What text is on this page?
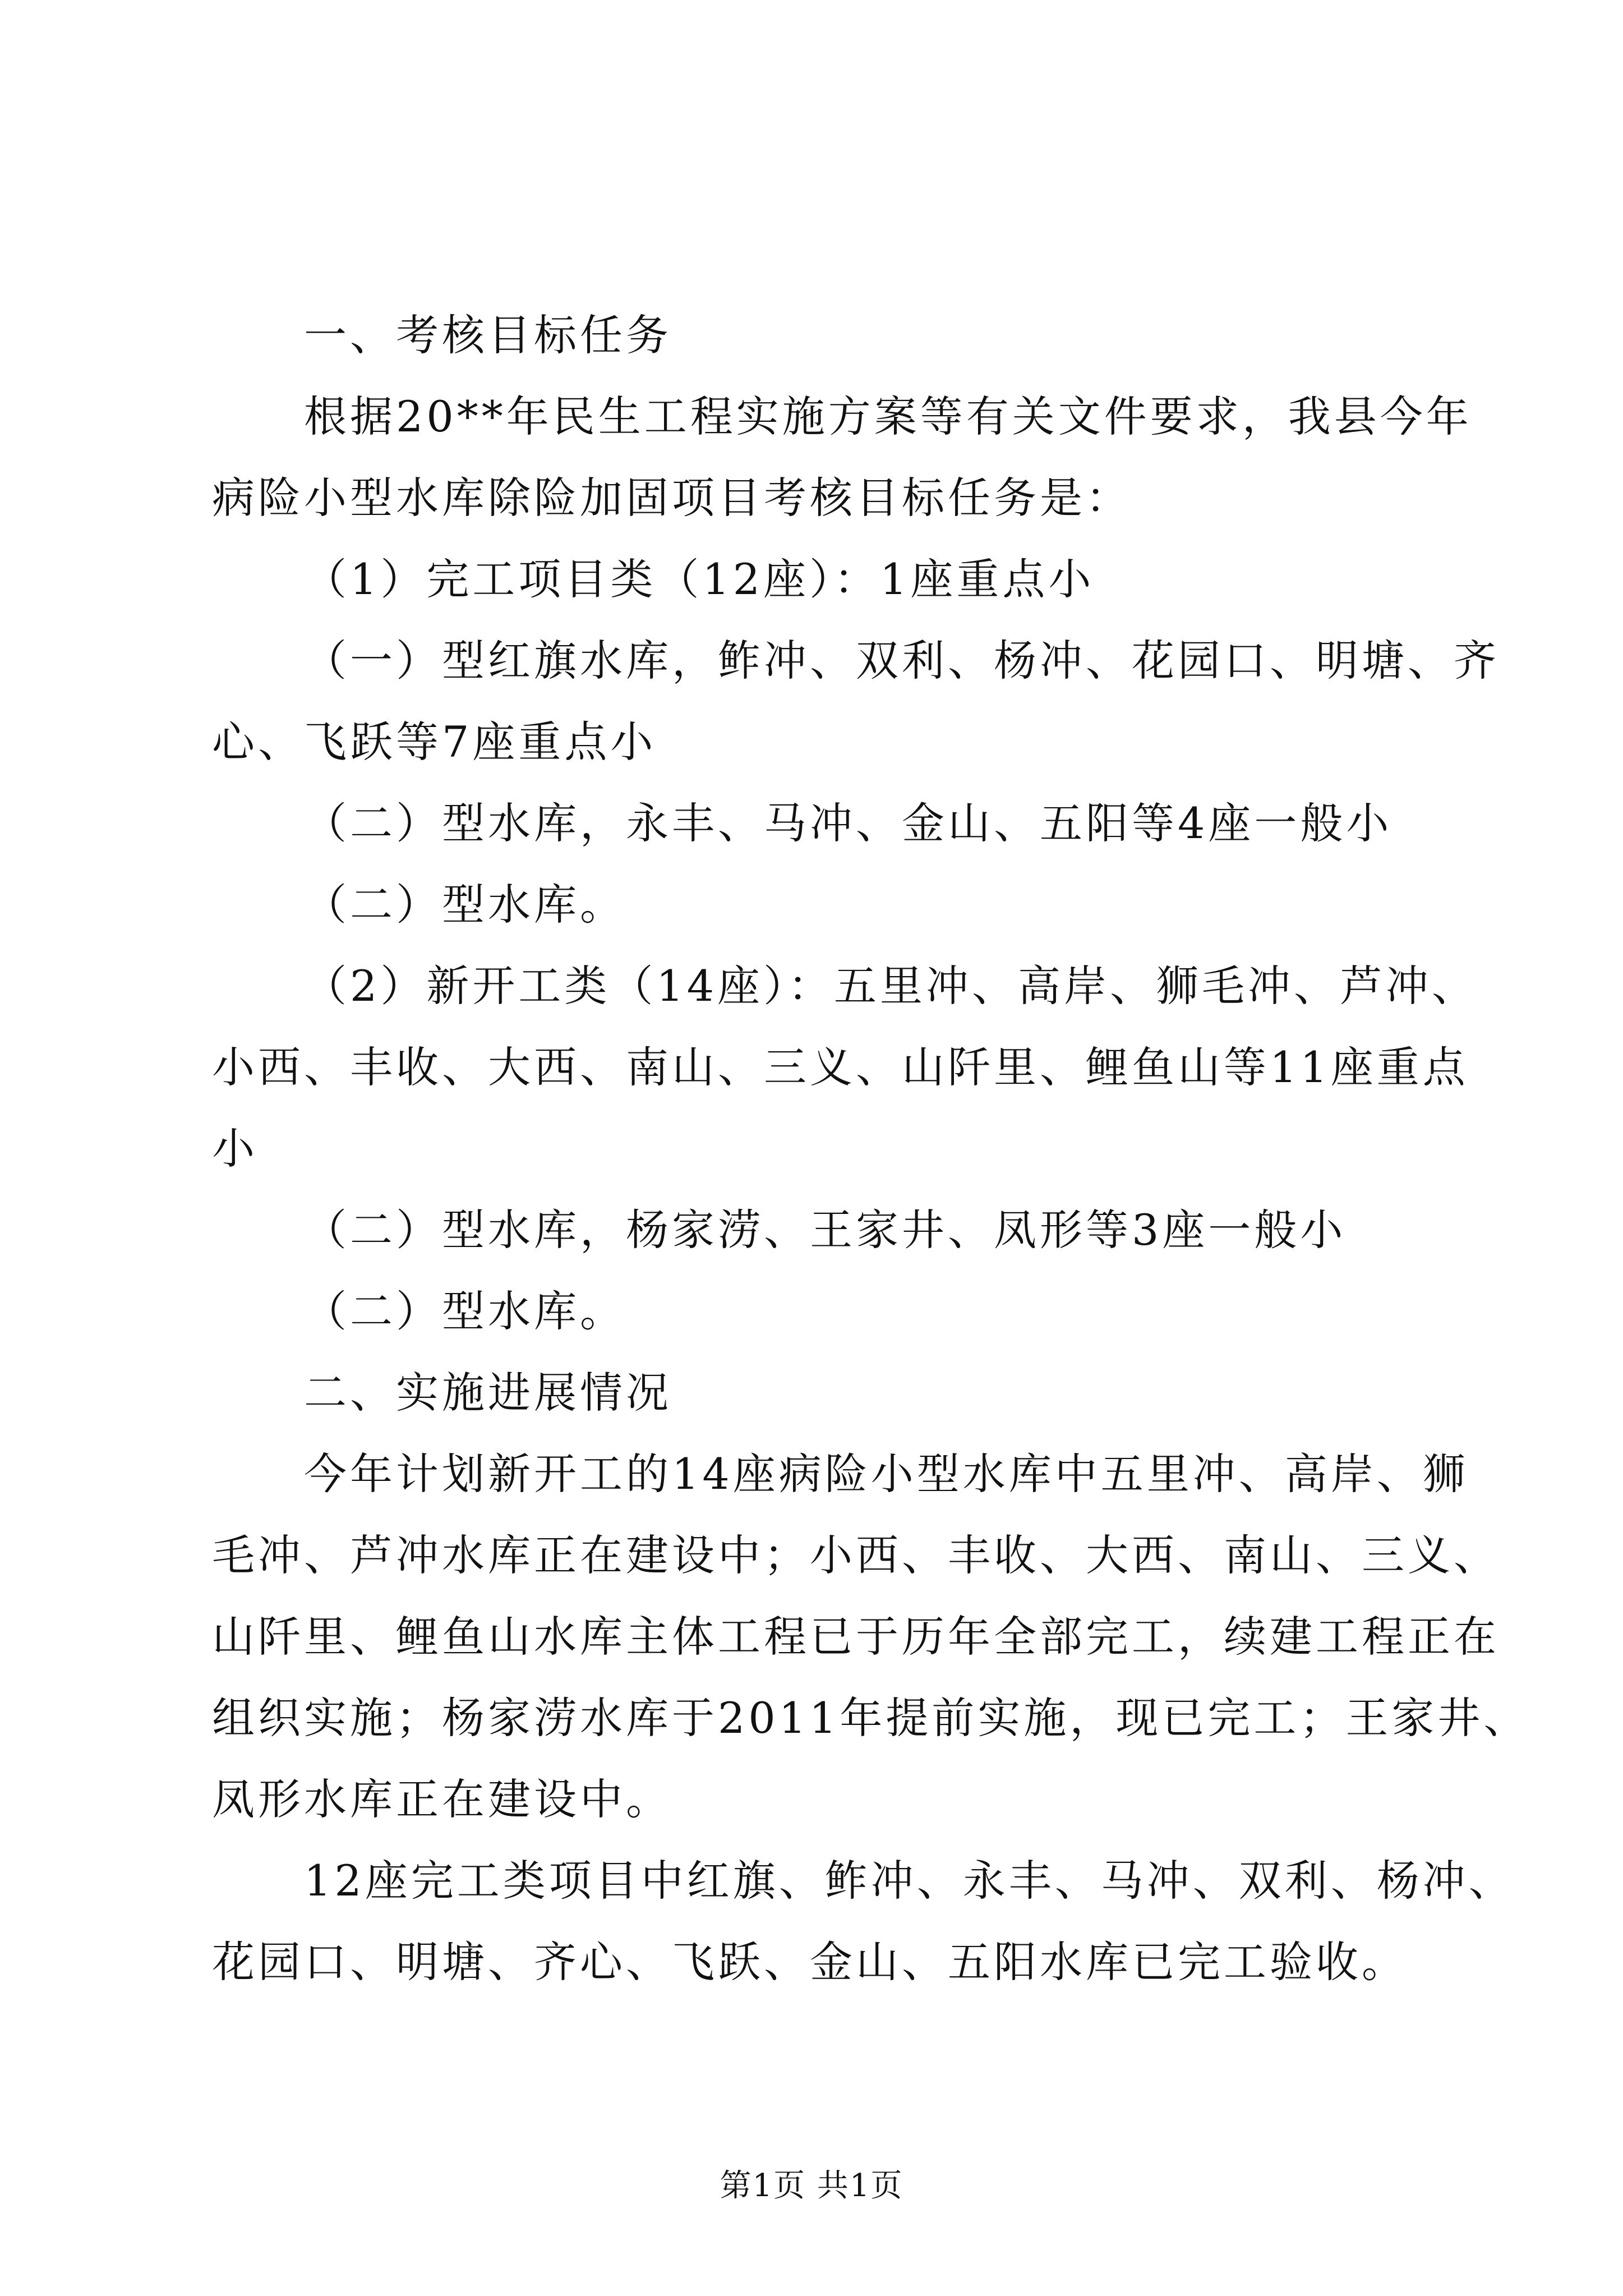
一、考核目标任务
根据20**年民生工程实施方案等有关文件要求，我县今年
病险小型水库除险加固项目考核目标任务是：
（1）完工项目类（12座）：1座重点小
（一）型红旗水库，鲊冲、双利、杨冲、花园口、明塘、齐
心、飞跃等7座重点小
（二）型水库，永丰、马冲、金山、五阳等4座一般小
（二）型水库。
（2）新开工类（14座）：五里冲、高岸、狮毛冲、芦冲、
小西、丰收、大西、南山、三义、山阡里、鲤鱼山等11座重点
小
（二）型水库，杨家涝、王家井、凤形等3座一般小
（二）型水库。
二、实施进展情况
今年计划新开工的14座病险小型水库中五里冲、高岸、狮
毛冲、芦冲水库正在建设中；小西、丰收、大西、南山、三义、
山阡里、鲤鱼山水库主体工程已于历年全部完工，续建工程正在
组织实施；杨家涝水库于2011年提前实施，现已完工；王家井、
凤形水库正在建设中。
12座完工类项目中红旗、鲊冲、永丰、马冲、双利、杨冲、
花园口、明塘、齐心、飞跃、金山、五阳水库已完工验收。
第1页 共1页
